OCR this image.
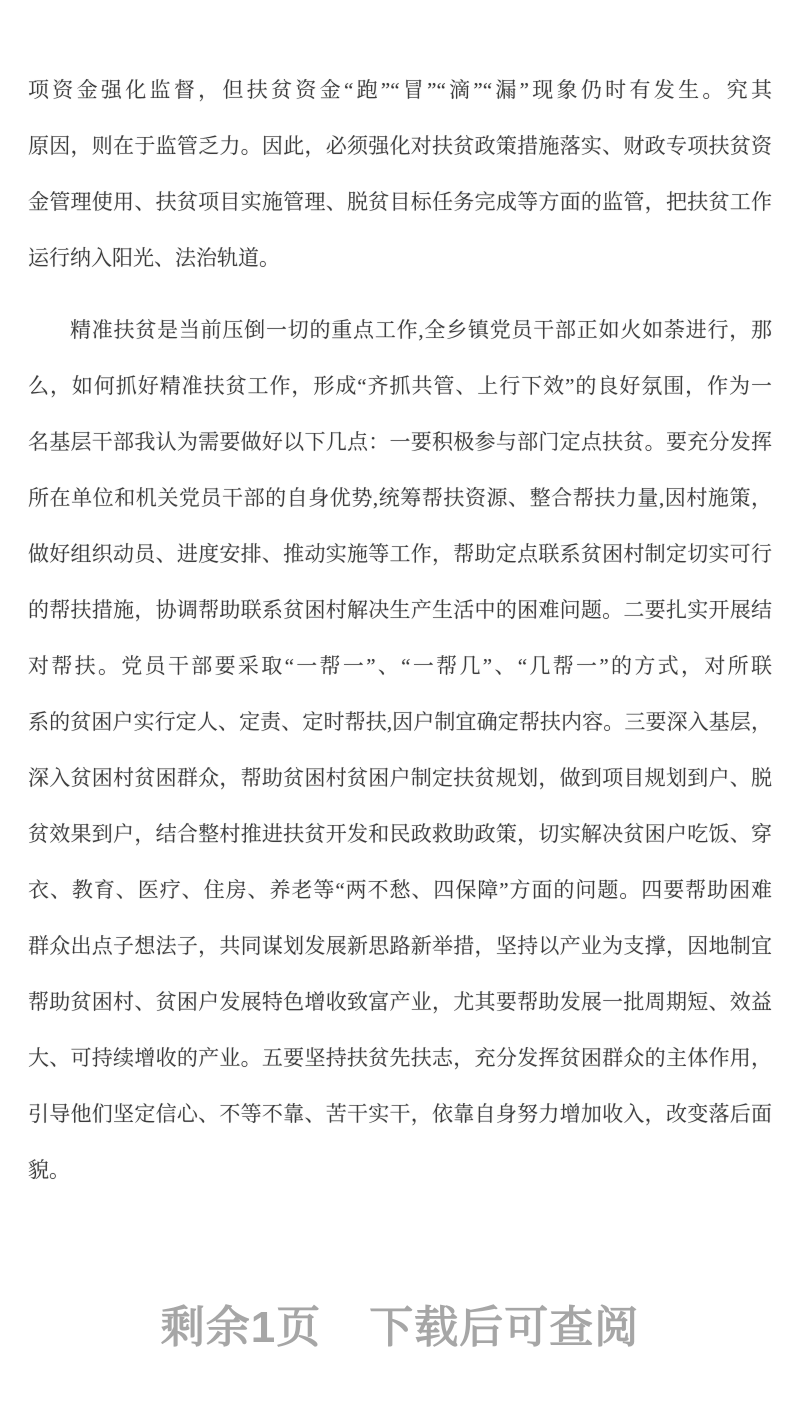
项资金强化监督，但扶贫资金“跑”“冒”“滴”“漏”现象仍时有发生。究其
原因，则在于监管乏力。因此，必须强化对扶贫政策措施落实、财政专项扶贫资
金管理使用、扶贫项目实施管理、脱贫目标任务完成等方面的监管，把扶贫工作
运行纳入阳光、法治轨道。
精准扶贫是当前压倒一切的重点工作,全乡镇党员干部正如火如荼进行，那
么，如何抓好精准扶贫工作，形成“齐抓共管、上行下效”的良好氛围，作为一
名基层干部我认为需要做好以下几点：一要积极参与部门定点扶贫。要充分发挥
所在单位和机关党员干部的自身优势,统筹帮扶资源、整合帮扶力量,因村施策，
做好组织动员、进度安排、推动实施等工作，帮助定点联系贫困村制定切实可行
的帮扶措施，协调帮助联系贫困村解决生产生活中的困难问题。二要扎实开展结
对帮扶。党员干部要采取“一帮一”、“一帮几”、“几帮一”的方式，对所联
系的贫困户实行定人、定责、定时帮扶,因户制宜确定帮扶内容。三要深入基层，
深入贫困村贫困群众，帮助贫困村贫困户制定扶贫规划，做到项目规划到户、脱
贫效果到户，结合整村推进扶贫开发和民政救助政策，切实解决贫困户吃饭、穿
衣、教育、医疗、住房、养老等“两不愁、四保障”方面的问题。四要帮助困难
群众出点子想法子，共同谋划发展新思路新举措，坚持以产业为支撑，因地制宜
帮助贫困村、贫困户发展特色增收致富产业，尤其要帮助发展一批周期短、效益
大、可持续增收的产业。五要坚持扶贫先扶志，充分发挥贫困群众的主体作用，
引导他们坚定信心、不等不靠、苦干实干，依靠自身努力增加收入，改变落后面
貌。
剩余1页 下载后可查阅
